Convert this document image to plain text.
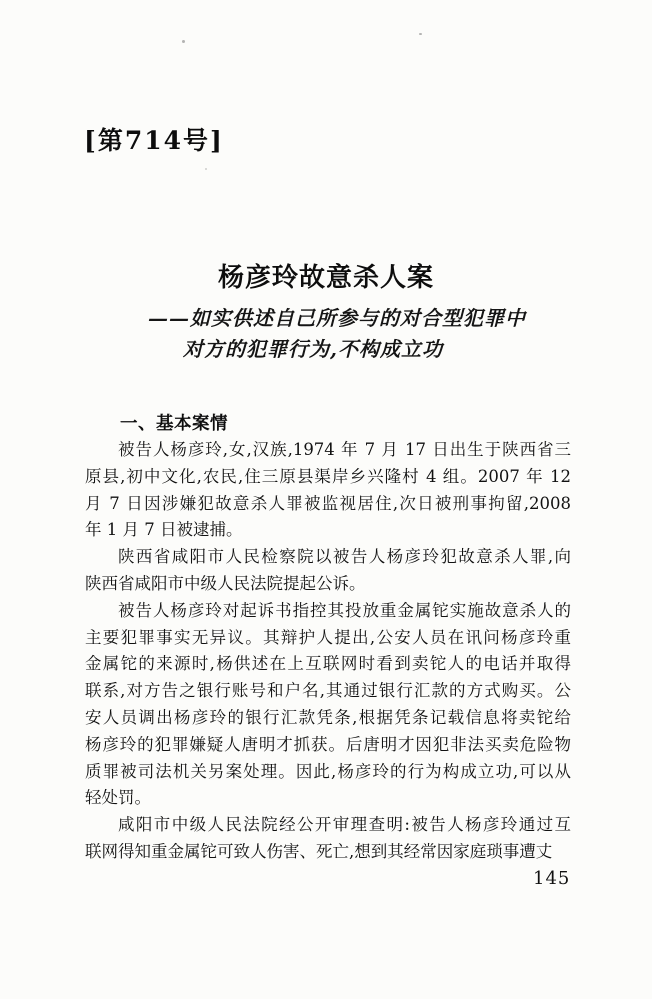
[第714号]
杨彦玲故意杀人案
——如实供述自己所参与的对合型犯罪中
对方的犯罪行为,不构成立功
一、基本案情
被告人杨彦玲,女,汉族,1974 年 7 月 17 日出生于陕西省三
原县,初中文化,农民,住三原县渠岸乡兴隆村 4 组。2007 年 12
月 7 日因涉嫌犯故意杀人罪被监视居住,次日被刑事拘留,2008
年 1 月 7 日被逮捕。
陕西省咸阳市人民检察院以被告人杨彦玲犯故意杀人罪,向
陕西省咸阳市中级人民法院提起公诉。
被告人杨彦玲对起诉书指控其投放重金属铊实施故意杀人的
主要犯罪事实无异议。其辩护人提出,公安人员在讯问杨彦玲重
金属铊的来源时,杨供述在上互联网时看到卖铊人的电话并取得
联系,对方告之银行账号和户名,其通过银行汇款的方式购买。公
安人员调出杨彦玲的银行汇款凭条,根据凭条记载信息将卖铊给
杨彦玲的犯罪嫌疑人唐明才抓获。后唐明才因犯非法买卖危险物
质罪被司法机关另案处理。因此,杨彦玲的行为构成立功,可以从
轻处罚。
咸阳市中级人民法院经公开审理查明:被告人杨彦玲通过互
联网得知重金属铊可致人伤害、死亡,想到其经常因家庭琐事遭丈
145
